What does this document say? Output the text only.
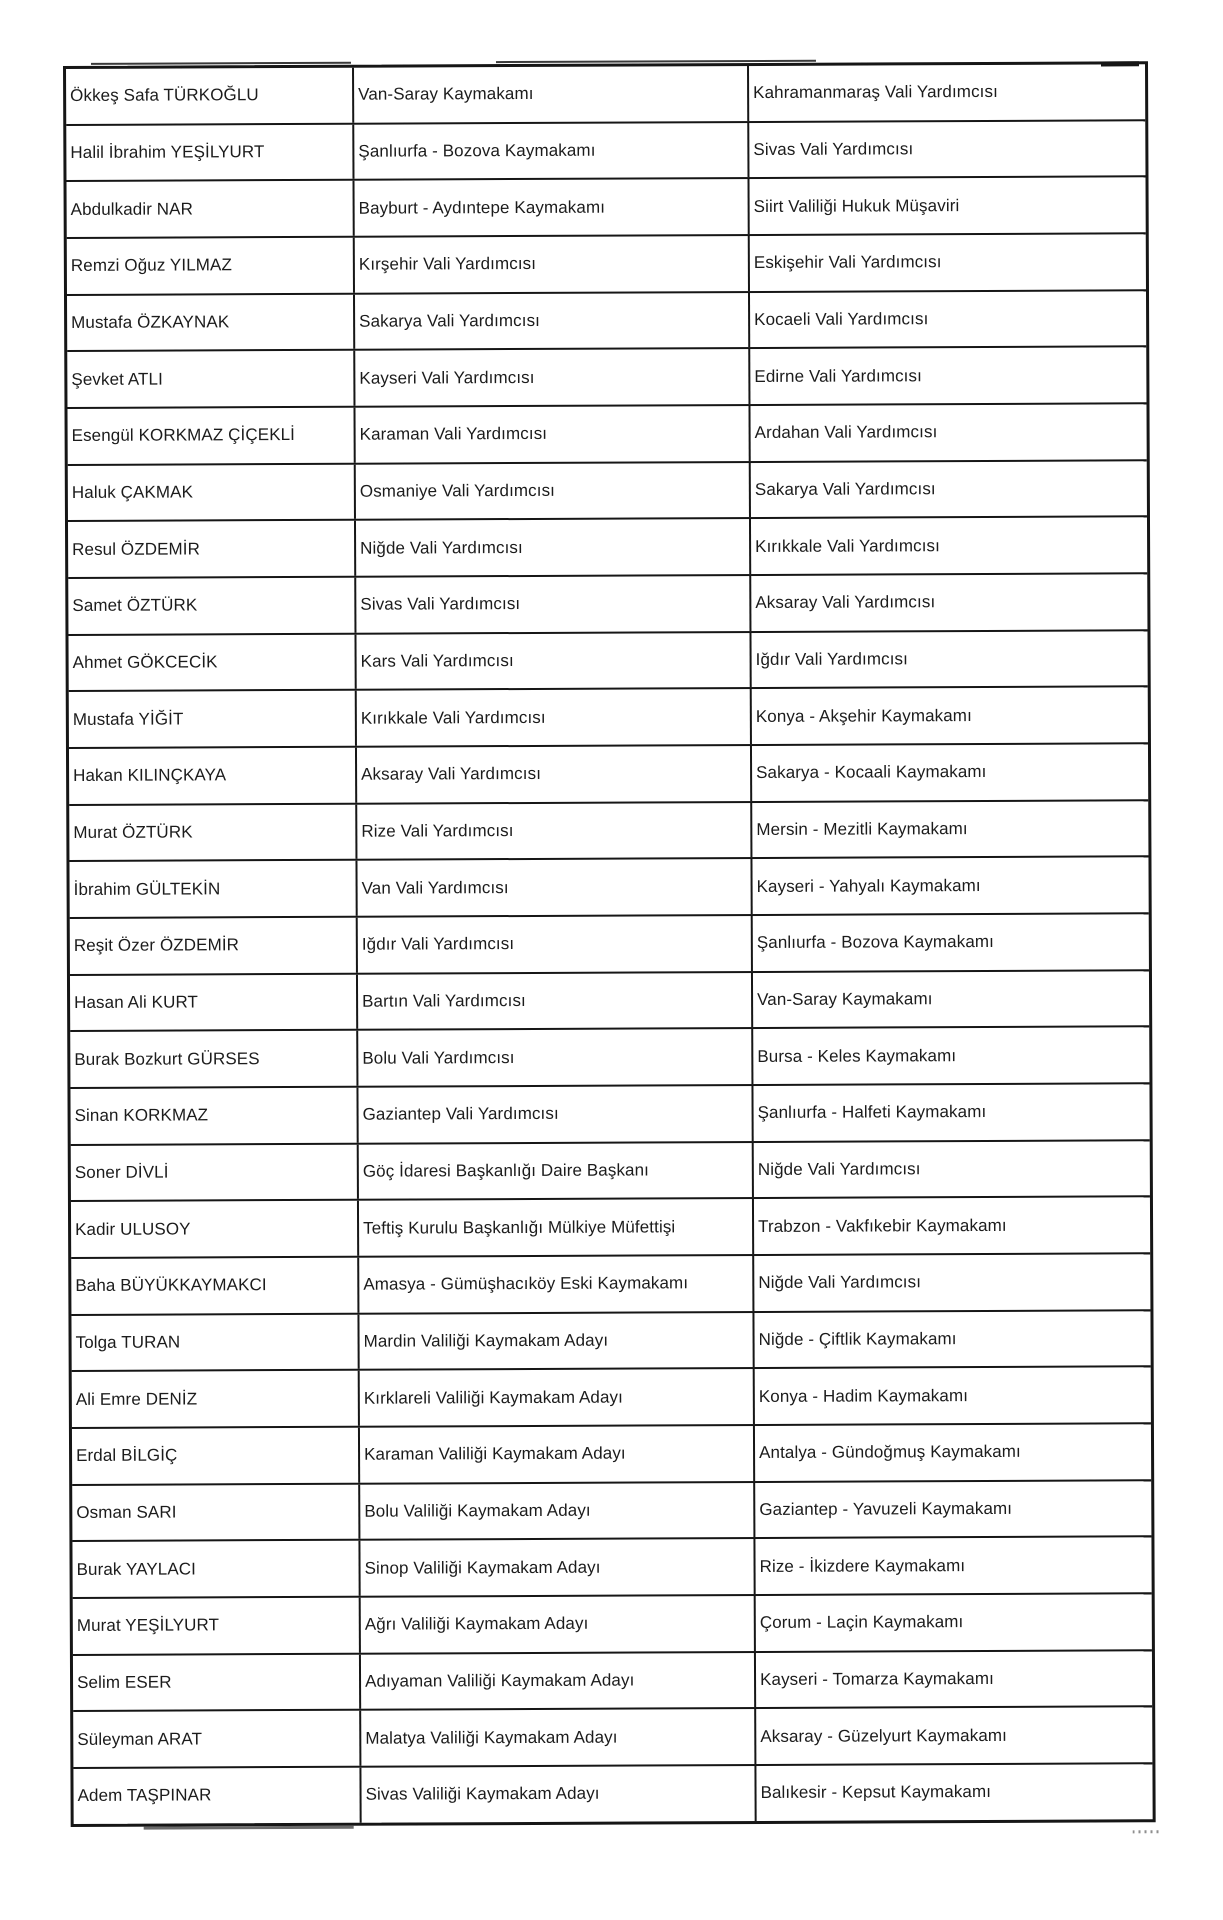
Ökkeş Safa TÜRKOĞLU	Van-Saray Kaymakamı	Kahramanmaraş Vali Yardımcısı
Halil İbrahim YEŞİLYURT	Şanlıurfa - Bozova Kaymakamı	Sivas Vali Yardımcısı
Abdulkadir NAR	Bayburt - Aydıntepe Kaymakamı	Siirt Valiliği Hukuk Müşaviri
Remzi Oğuz YILMAZ	Kırşehir Vali Yardımcısı	Eskişehir Vali Yardımcısı
Mustafa ÖZKAYNAK	Sakarya Vali Yardımcısı	Kocaeli Vali Yardımcısı
Şevket ATLI	Kayseri Vali Yardımcısı	Edirne Vali Yardımcısı
Esengül KORKMAZ ÇİÇEKLİ	Karaman Vali Yardımcısı	Ardahan Vali Yardımcısı
Haluk ÇAKMAK	Osmaniye Vali Yardımcısı	Sakarya Vali Yardımcısı
Resul ÖZDEMİR	Niğde Vali Yardımcısı	Kırıkkale Vali Yardımcısı
Samet ÖZTÜRK	Sivas Vali Yardımcısı	Aksaray Vali Yardımcısı
Ahmet GÖKCECİK	Kars Vali Yardımcısı	Iğdır Vali Yardımcısı
Mustafa YİĞİT	Kırıkkale Vali Yardımcısı	Konya - Akşehir Kaymakamı
Hakan KILINÇKAYA	Aksaray Vali Yardımcısı	Sakarya - Kocaali Kaymakamı
Murat ÖZTÜRK	Rize Vali Yardımcısı	Mersin - Mezitli Kaymakamı
İbrahim GÜLTEKİN	Van Vali Yardımcısı	Kayseri - Yahyalı Kaymakamı
Reşit Özer ÖZDEMİR	Iğdır Vali Yardımcısı	Şanlıurfa - Bozova Kaymakamı
Hasan Ali KURT	Bartın Vali Yardımcısı	Van-Saray Kaymakamı
Burak Bozkurt GÜRSES	Bolu Vali Yardımcısı	Bursa - Keles Kaymakamı
Sinan KORKMAZ	Gaziantep Vali Yardımcısı	Şanlıurfa - Halfeti Kaymakamı
Soner DİVLİ	Göç İdaresi Başkanlığı Daire Başkanı	Niğde Vali Yardımcısı
Kadir ULUSOY	Teftiş Kurulu Başkanlığı Mülkiye Müfettişi	Trabzon - Vakfıkebir Kaymakamı
Baha BÜYÜKKAYMAKCI	Amasya - Gümüşhacıköy Eski Kaymakamı	Niğde Vali Yardımcısı
Tolga TURAN	Mardin Valiliği Kaymakam Adayı	Niğde - Çiftlik Kaymakamı
Ali Emre DENİZ	Kırklareli Valiliği Kaymakam Adayı	Konya - Hadim Kaymakamı
Erdal BİLGİÇ	Karaman Valiliği Kaymakam Adayı	Antalya - Gündoğmuş Kaymakamı
Osman SARI	Bolu Valiliği Kaymakam Adayı	Gaziantep - Yavuzeli Kaymakamı
Burak YAYLACI	Sinop Valiliği Kaymakam Adayı	Rize - İkizdere Kaymakamı
Murat YEŞİLYURT	Ağrı Valiliği Kaymakam Adayı	Çorum - Laçin Kaymakamı
Selim ESER	Adıyaman Valiliği Kaymakam Adayı	Kayseri - Tomarza Kaymakamı
Süleyman ARAT	Malatya Valiliği Kaymakam Adayı	Aksaray - Güzelyurt Kaymakamı
Adem TAŞPINAR	Sivas Valiliği Kaymakam Adayı	Balıkesir - Kepsut Kaymakamı
